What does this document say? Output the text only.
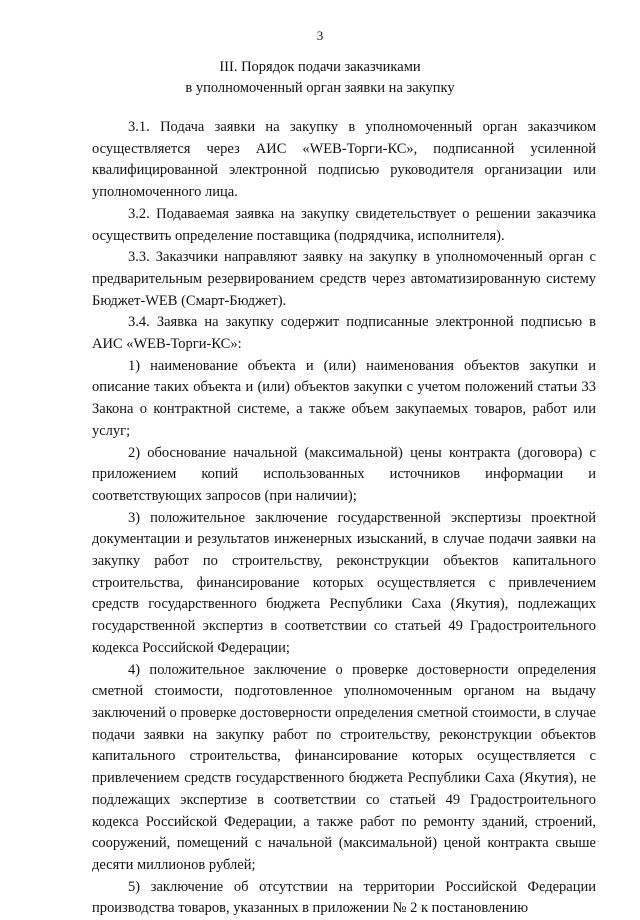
3
III. Порядок подачи заказчиками
в уполномоченный орган заявки на закупку

3.1. Подача заявки на закупку в уполномоченный орган заказчиком осуществляется через АИС «WEB-Торги-КС», подписанной усиленной квалифицированной электронной подписью руководителя организации или уполномоченного лица.

3.2. Подаваемая заявка на закупку свидетельствует о решении заказчика осуществить определение поставщика (подрядчика, исполнителя).

3.3. Заказчики направляют заявку на закупку в уполномоченный орган с предварительным резервированием средств через автоматизированную систему Бюджет-WEB (Смарт-Бюджет).

3.4. Заявка на закупку содержит подписанные электронной подписью в АИС «WEB-Торги-КС»:

1) наименование объекта и (или) наименования объектов закупки и описание таких объекта и (или) объектов закупки с учетом положений статьи 33 Закона о контрактной системе, а также объем закупаемых товаров, работ или услуг;

2) обоснование начальной (максимальной) цены контракта (договора) с приложением копий использованных источников информации и соответствующих запросов (при наличии);

3) положительное заключение государственной экспертизы проектной документации и результатов инженерных изысканий, в случае подачи заявки на закупку работ по строительству, реконструкции объектов капитального строительства, финансирование которых осуществляется с привлечением средств государственного бюджета Республики Саха (Якутия), подлежащих государственной экспертиз в соответствии со статьей 49 Градостроительного кодекса Российской Федерации;

4) положительное заключение о проверке достоверности определения сметной стоимости, подготовленное уполномоченным органом на выдачу заключений о проверке достоверности определения сметной стоимости, в случае подачи заявки на закупку работ по строительству, реконструкции объектов капитального строительства, финансирование которых осуществляется с привлечением средств государственного бюджета Республики Саха (Якутия), не подлежащих экспертизе в соответствии со статьей 49 Градостроительного кодекса Российской Федерации, а также работ по ремонту зданий, строений, сооружений, помещений с начальной (максимальной) ценой контракта свыше десяти миллионов рублей;

5) заключение об отсутствии на территории Российской Федерации производства товаров, указанных в приложении № 2 к постановлению
